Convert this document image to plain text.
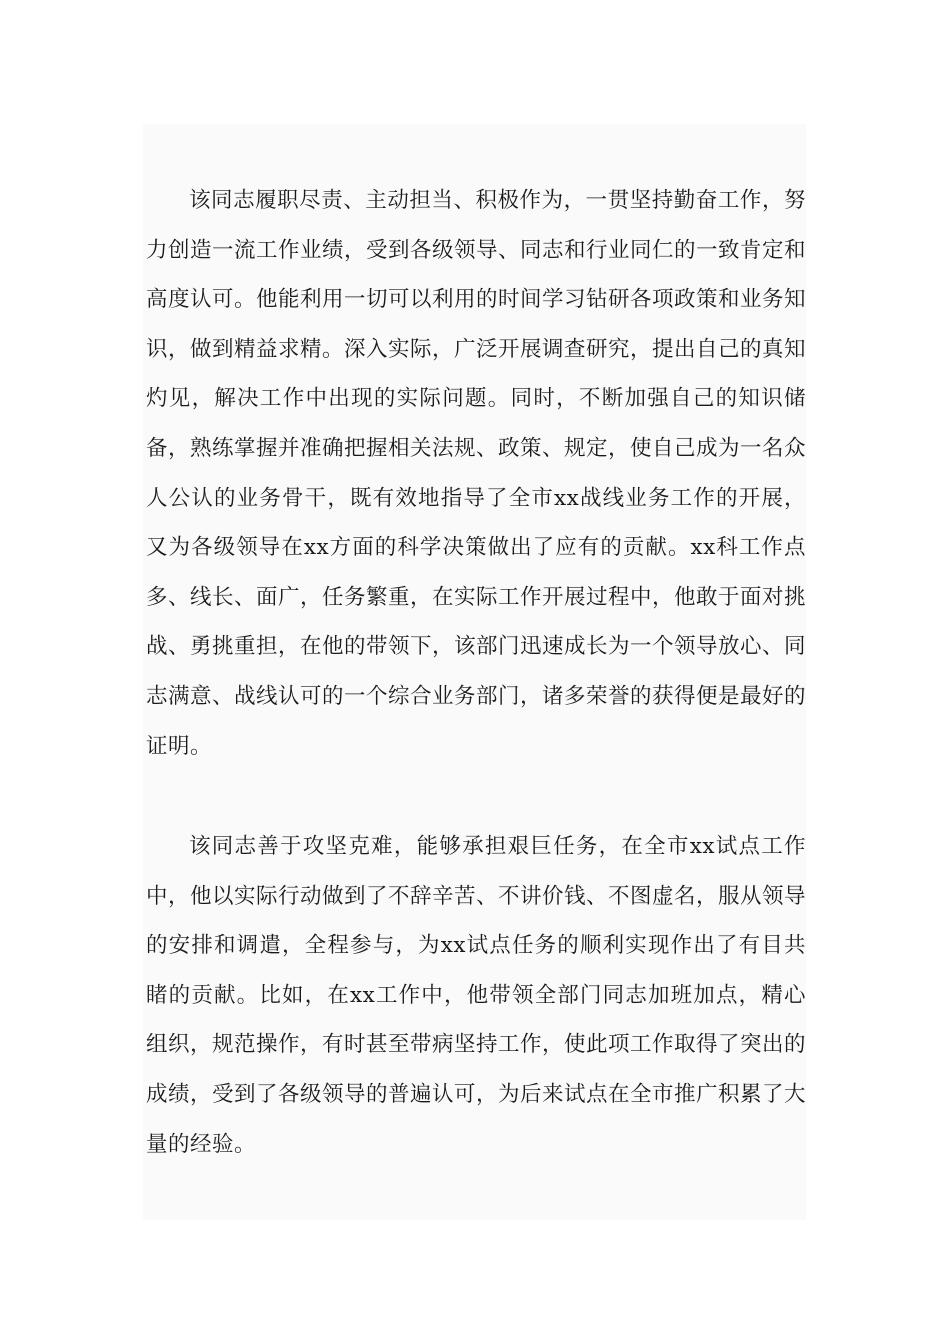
该同志履职尽责、主动担当、积极作为，一贯坚持勤奋工作，努力创造一流工作业绩，受到各级领导、同志和行业同仁的一致肯定和高度认可。他能利用一切可以利用的时间学习钻研各项政策和业务知识，做到精益求精。深入实际，广泛开展调查研究，提出自己的真知灼见，解决工作中出现的实际问题。同时，不断加强自己的知识储备，熟练掌握并准确把握相关法规、政策、规定，使自己成为一名众人公认的业务骨干，既有效地指导了全市xx战线业务工作的开展，又为各级领导在xx方面的科学决策做出了应有的贡献。xx科工作点多、线长、面广，任务繁重，在实际工作开展过程中，他敢于面对挑战、勇挑重担，在他的带领下，该部门迅速成长为一个领导放心、同志满意、战线认可的一个综合业务部门，诸多荣誉的获得便是最好的证明。

该同志善于攻坚克难，能够承担艰巨任务，在全市xx试点工作中，他以实际行动做到了不辞辛苦、不讲价钱、不图虚名，服从领导的安排和调遣，全程参与，为xx试点任务的顺利实现作出了有目共睹的贡献。比如，在xx工作中，他带领全部门同志加班加点，精心组织，规范操作，有时甚至带病坚持工作，使此项工作取得了突出的成绩，受到了各级领导的普遍认可，为后来试点在全市推广积累了大量的经验。
